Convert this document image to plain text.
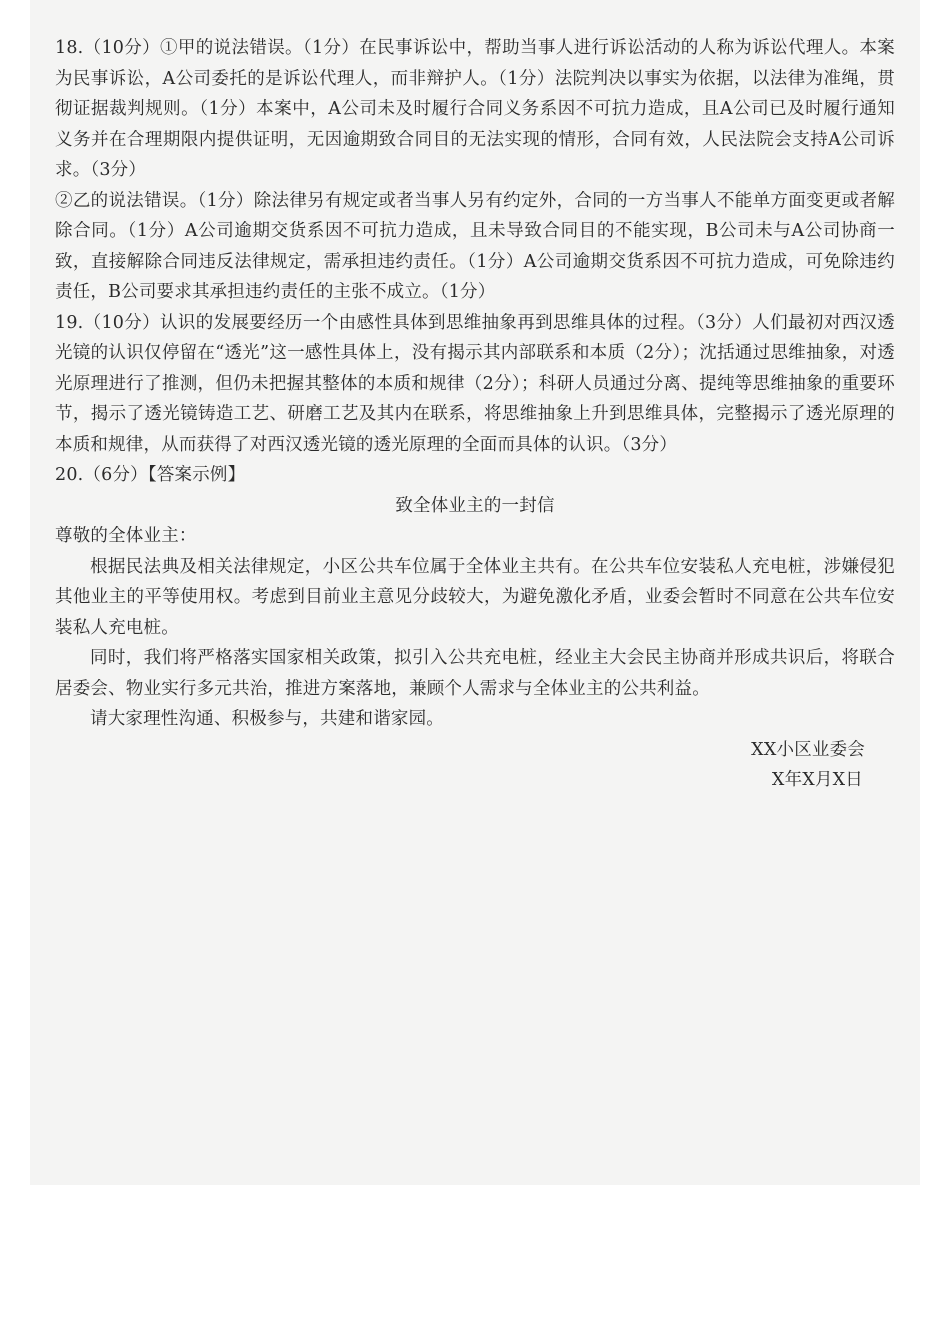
18.（10分）①甲的说法错误。（1分）在民事诉讼中，帮助当事人进行诉讼活动的人称为诉讼代理人。本案为民事诉讼，A公司委托的是诉讼代理人，而非辩护人。（1分）法院判决以事实为依据，以法律为准绳，贯彻证据裁判规则。（1分）本案中，A公司未及时履行合同义务系因不可抗力造成，且A公司已及时履行通知义务并在合理期限内提供证明，无因逾期致合同目的无法实现的情形，合同有效，人民法院会支持A公司诉求。（3分）

②乙的说法错误。（1分）除法律另有规定或者当事人另有约定外，合同的一方当事人不能单方面变更或者解除合同。（1分）A公司逾期交货系因不可抗力造成，且未导致合同目的不能实现，B公司未与A公司协商一致，直接解除合同违反法律规定，需承担违约责任。（1分）A公司逾期交货系因不可抗力造成，可免除违约责任，B公司要求其承担违约责任的主张不成立。（1分）

19.（10分）认识的发展要经历一个由感性具体到思维抽象再到思维具体的过程。（3分）人们最初对西汉透光镜的认识仅停留在“透光”这一感性具体上，没有揭示其内部联系和本质（2分）；沈括通过思维抽象，对透光原理进行了推测，但仍未把握其整体的本质和规律（2分）；科研人员通过分离、提纯等思维抽象的重要环节，揭示了透光镜铸造工艺、研磨工艺及其内在联系，将思维抽象上升到思维具体，完整揭示了透光原理的本质和规律，从而获得了对西汉透光镜的透光原理的全面而具体的认识。（3分）

20.（6分）【答案示例】

致全体业主的一封信

尊敬的全体业主：

根据民法典及相关法律规定，小区公共车位属于全体业主共有。在公共车位安装私人充电桩，涉嫌侵犯其他业主的平等使用权。考虑到目前业主意见分歧较大，为避免激化矛盾，业委会暂时不同意在公共车位安装私人充电桩。

同时，我们将严格落实国家相关政策，拟引入公共充电桩，经业主大会民主协商并形成共识后，将联合居委会、物业实行多元共治，推进方案落地，兼顾个人需求与全体业主的公共利益。

请大家理性沟通、积极参与，共建和谐家园。

XX小区业委会

X年X月X日
